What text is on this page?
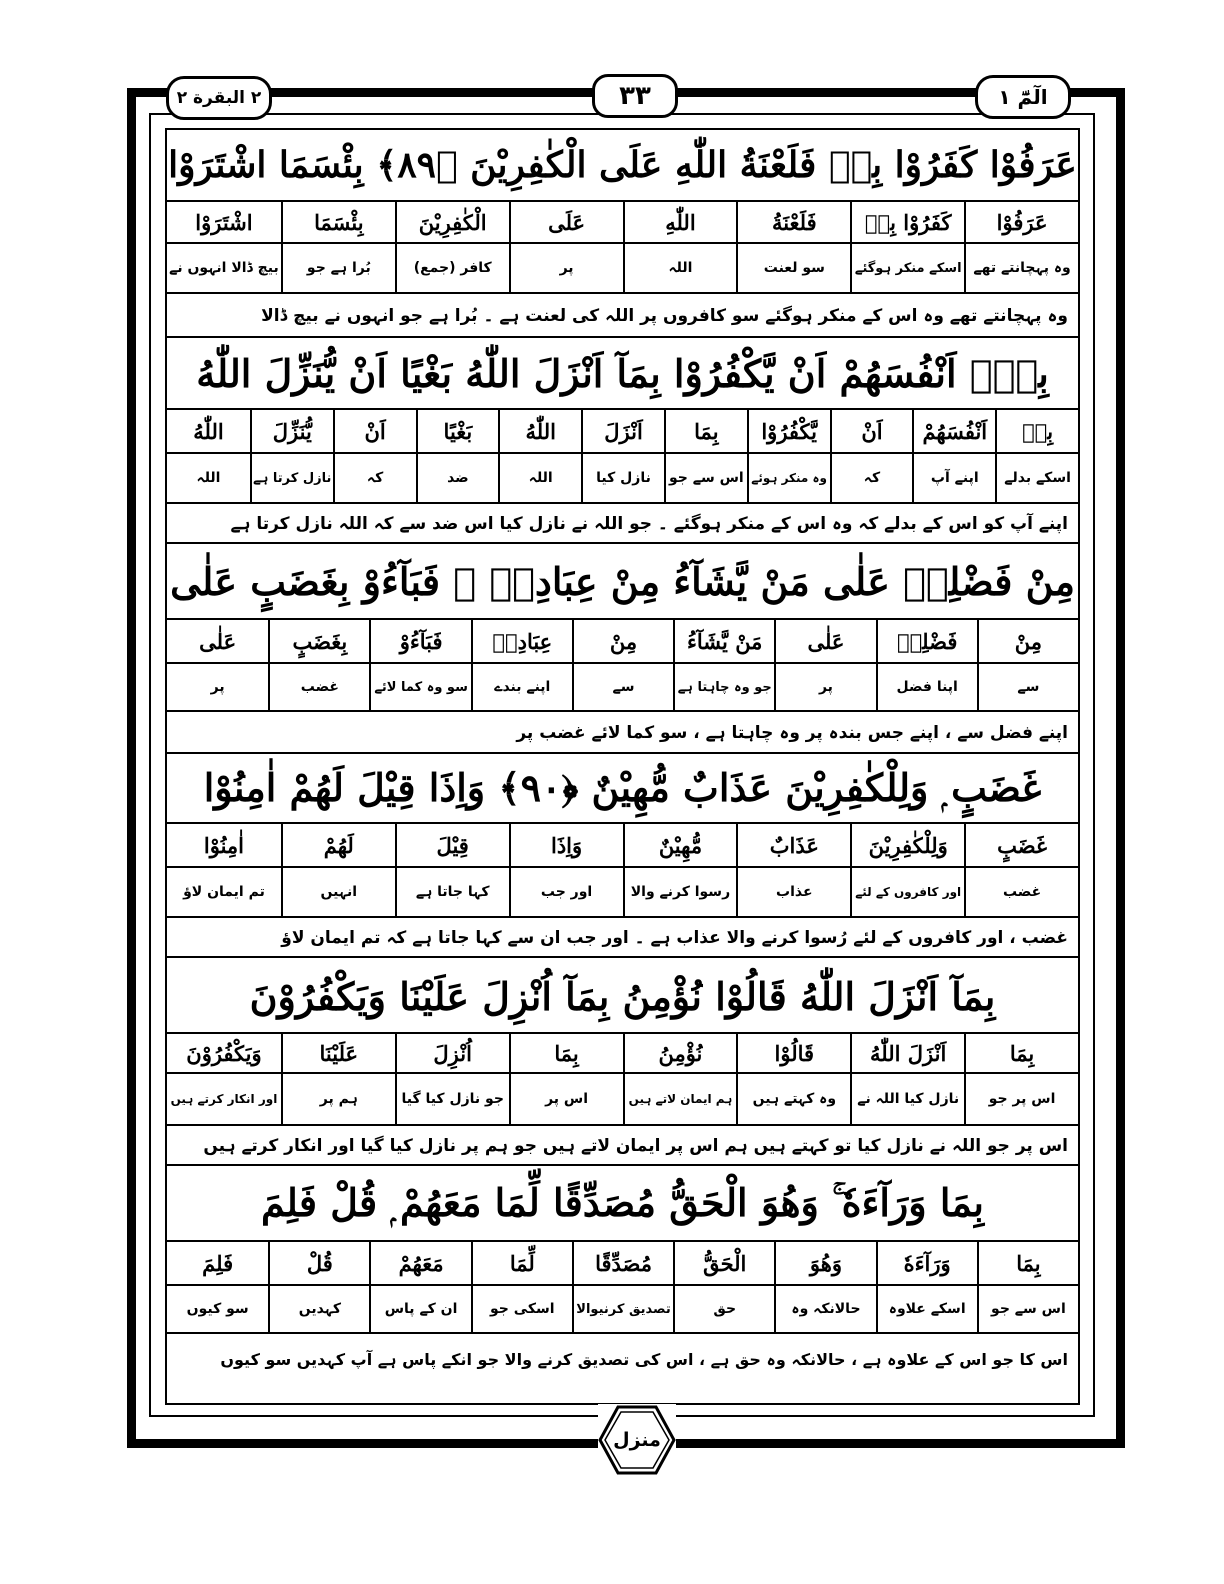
٢ البقرة ٢	٣٣	الٓمّٓ ١
عَرَفُوْا كَفَرُوْا بِهٖ فَلَعْنَةُ اللّٰهِ عَلَى الْكٰفِرِيْنَ ﴿٨٩﴾ بِئْسَمَا اشْتَرَوْا
عَرَفُوْا
كَفَرُوْا بِهٖ
فَلَعْنَةُ
اللّٰهِ
عَلَى
الْكٰفِرِيْنَ
بِئْسَمَا
اشْتَرَوْا
وہ پہچانتے تھے
اسکے منکر ہوگئے
سو لعنت
اللہ
پر
کافر (جمع)
بُرا ہے جو
بیچ ڈالا انہوں نے
وہ پہچانتے تھے وہ اس کے منکر ہوگئے سو کافروں پر اللہ کی لعنت ہے ۔ بُرا ہے جو انہوں نے بیچ ڈالا
بِهٖٓ اَنْفُسَهُمْ اَنْ يَّكْفُرُوْا بِمَآ اَنْزَلَ اللّٰهُ بَغْيًا اَنْ يُّنَزِّلَ اللّٰهُ
بِهٖ
اَنْفُسَهُمْ
اَنْ
يَّكْفُرُوْا
بِمَا
اَنْزَلَ
اللّٰهُ
بَغْيًا
اَنْ
يُّنَزِّلَ
اللّٰهُ
اسکے بدلے
اپنے آپ
کہ
وہ منکر ہوئے
اس سے جو
نازل کیا
اللہ
ضد
کہ
نازل کرتا ہے
اللہ
اپنے آپ کو اس کے بدلے کہ وہ اس کے منکر ہوگئے ۔ جو اللہ نے نازل کیا اس ضد سے کہ اللہ نازل کرتا ہے
مِنْ فَضْلِهٖ عَلٰى مَنْ يَّشَآءُ مِنْ عِبَادِهٖ ۚ فَبَآءُوْ بِغَضَبٍ عَلٰى
مِنْ
فَضْلِهٖ
عَلٰى
مَنْ يَّشَآءُ
مِنْ
عِبَادِهٖ
فَبَآءُوْ
بِغَضَبٍ
عَلٰى
سے
اپنا فضل
پر
جو وہ چاہتا ہے
سے
اپنے بندے
سو وہ کما لائے
غضب
پر
اپنے فضل سے ، اپنے جس بندہ پر وہ چاہتا ہے ، سو کما لائے غضب پر
غَضَبٍ ۭ وَلِلْكٰفِرِيْنَ عَذَابٌ مُّهِيْنٌ ﴿٩٠﴾ وَاِذَا قِيْلَ لَهُمْ اٰمِنُوْا
غَضَبٍ
وَلِلْكٰفِرِيْنَ
عَذَابٌ
مُّهِيْنٌ
وَاِذَا
قِيْلَ
لَهُمْ
اٰمِنُوْا
غضب
اور کافروں کے لئے
عذاب
رسوا کرنے والا
اور جب
کہا جاتا ہے
انہیں
تم ایمان لاؤ
غضب ، اور کافروں کے لئے رُسوا کرنے والا عذاب ہے ۔ اور جب ان سے کہا جاتا ہے کہ تم ایمان لاؤ
بِمَآ اَنْزَلَ اللّٰهُ قَالُوْا نُؤْمِنُ بِمَآ اُنْزِلَ عَلَيْنَا وَيَكْفُرُوْنَ
بِمَا
اَنْزَلَ اللّٰهُ
قَالُوْا
نُؤْمِنُ
بِمَا
اُنْزِلَ
عَلَيْنَا
وَيَكْفُرُوْنَ
اس پر جو
نازل کیا اللہ نے
وہ کہتے ہیں
ہم ایمان لاتے ہیں
اس پر
جو نازل کیا گیا
ہم پر
اور انکار کرتے ہیں
اس پر جو اللہ نے نازل کیا تو کہتے ہیں ہم اس پر ایمان لاتے ہیں جو ہم پر نازل کیا گیا اور انکار کرتے ہیں
بِمَا وَرَآءَهٗ ۚ وَهُوَ الْحَقُّ مُصَدِّقًا لِّمَا مَعَهُمْ ۭ قُلْ فَلِمَ
بِمَا
وَرَآءَهٗ
وَهُوَ
الْحَقُّ
مُصَدِّقًا
لِّمَا
مَعَهُمْ
قُلْ
فَلِمَ
اس سے جو
اسکے علاوہ
حالانکہ وہ
حق
تصدیق کرنیوالا
اسکی جو
ان کے پاس
کہدیں
سو کیوں
اس کا جو اس کے علاوہ ہے ، حالانکہ وہ حق ہے ، اس کی تصدیق کرنے والا جو انکے پاس ہے آپ کہدیں سو کیوں
منزل
